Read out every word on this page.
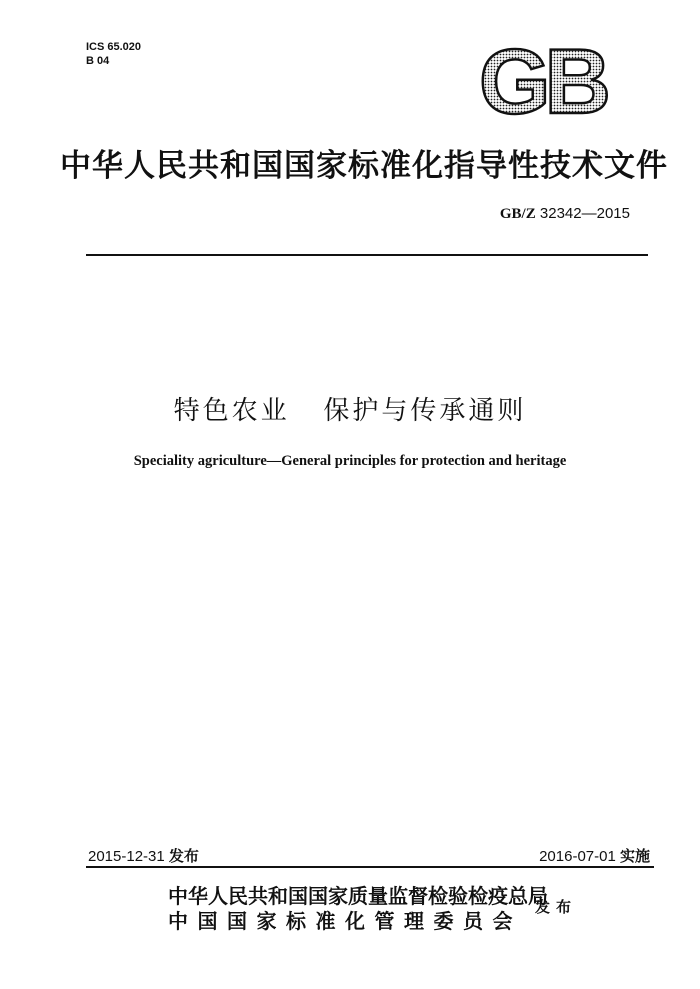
ICS 65.020
B 04	GB
中华人民共和国国家标准化指导性技术文件
GB/Z 32342—2015
特色农业   保护与传承通则
Speciality agriculture—General principles for protection and heritage
2015-12-31 发布	2016-07-01 实施
中华人民共和国国家质量监督检验检疫总局
中国国家标准化管理委员会
发布
